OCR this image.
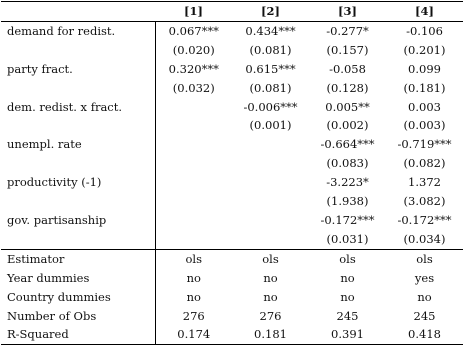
	[1]	[2]	[3]	[4]
demand for redist.	0.067***	0.434***	-0.277*	-0.106
	(0.020)	(0.081)	(0.157)	(0.201)
party fract.	0.320***	0.615***	-0.058	0.099
	(0.032)	(0.081)	(0.128)	(0.181)
dem. redist. x fract.		-0.006***	0.005**	0.003
		(0.001)	(0.002)	(0.003)
unempl. rate			-0.664***	-0.719***
			(0.083)	(0.082)
productivity (-1)			-3.223*	1.372
			(1.938)	(3.082)
gov. partisanship			-0.172***	-0.172***
			(0.031)	(0.034)
Estimator	ols	ols	ols	ols
Year dummies	no	no	no	yes
Country dummies	no	no	no	no
Number of Obs	276	276	245	245
R-Squared	0.174	0.181	0.391	0.418
